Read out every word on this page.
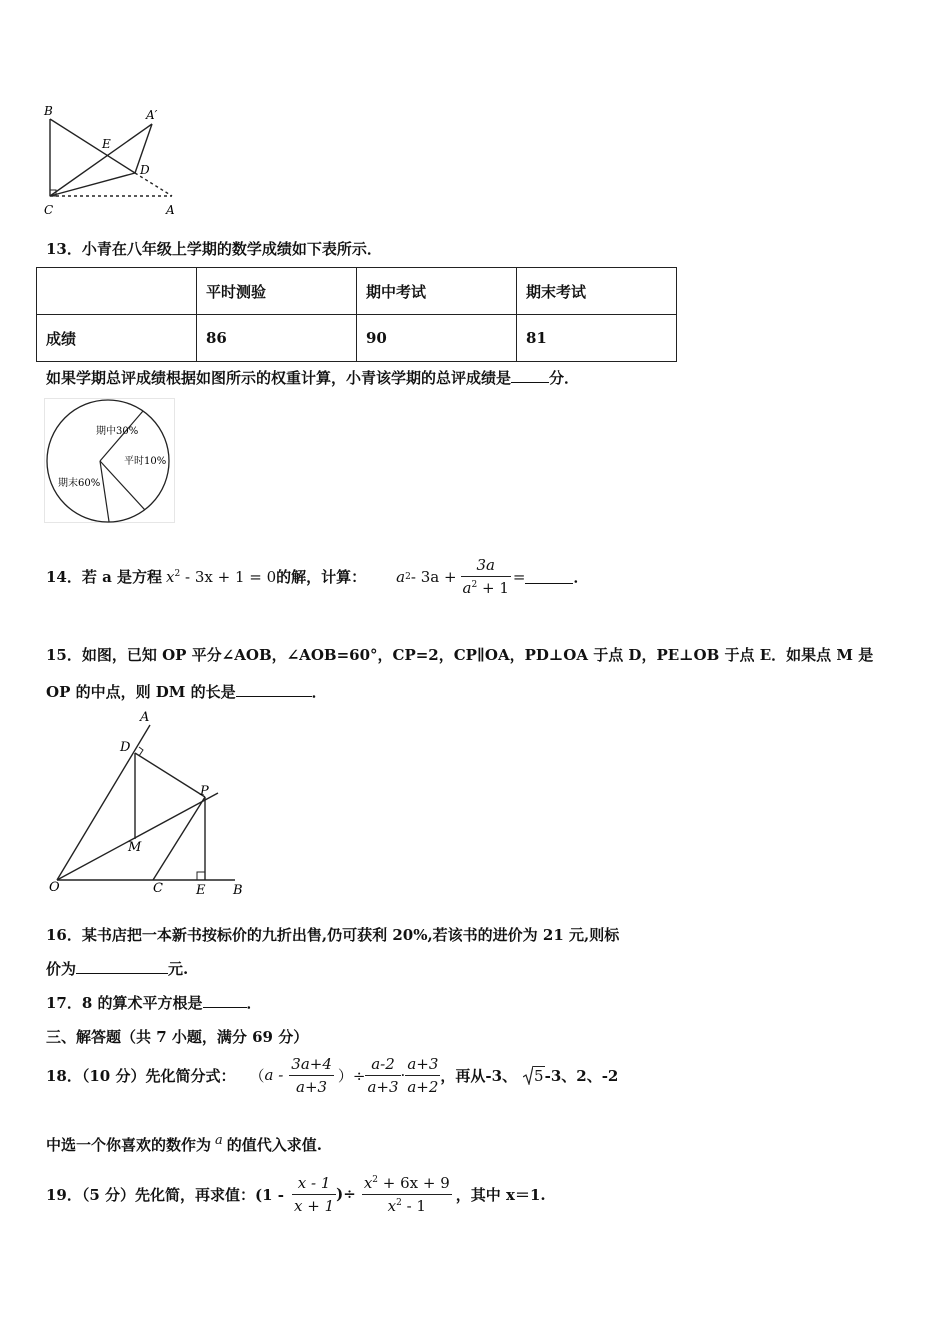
B	A′
E
D
C	A
13．小青在八年级上学期的数学成绩如下表所示．
	平时测验	期中考试	期末考试
成绩	86	90	81
如果学期总评成绩根据如图所示的权重计算，小青该学期的总评成绩是	分．
期中30%
平时10%
期末60%
14．若 a 是方程 $x^2 - 3x + 1 = 0$ 的解，计算： a $2 - 3a + \frac{3a}{a^2 + 1}$ =	．
15．如图，已知 OP 平分∠AOB，∠AOB=60°，CP=2，CP∥OA，PD⊥OA 于点 D，PE⊥OB 于点 E．如果点 M 是
OP 的中点，则 DM 的长是	．
A
D
P
M
O	C	E B
16．某书店把一本新书按标价的九折出售,仍可获利 20%,若该书的进价为 21 元,则标
价为	元.
17．8 的算术平方根是	．
三、解答题（共 7 小题，满分 69 分）
18．（10 分）先化简分式： （ a - $\frac{3a+4}{a+3}$ ）÷ $\frac{a-2}{a+3} \cdot \frac{a+3}{a+2}$ ，再从-3、 5 -3、2、-2
中选一个你喜欢的数作为 a 的值代入求值.
19．（5 分）先化简，再求值：($1 - \frac{x - 1}{x + 1}$ )÷ $\frac{x^2 + 6x + 9}{x^2 - 1}$ ，其中 x＝1.
